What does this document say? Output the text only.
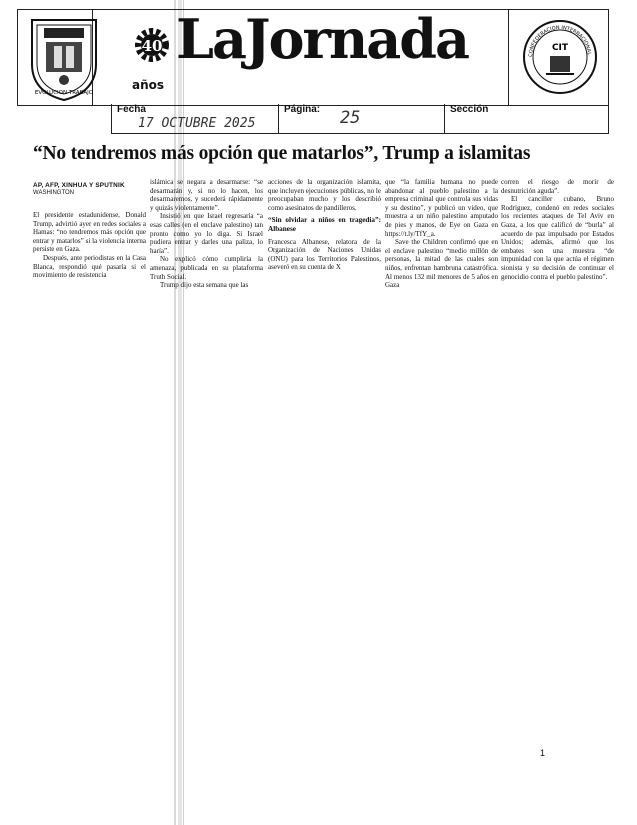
EVOLUCION TRABAJO
40 LaJornada
años
CONFEDERACION INTERNACIONAL
CIT
Fecha
17 OCTUBRE 2025
Página: 25	Sección
“No tendremos más opción que matarlos”, Trump a islamitas
AP, AFP, XINHUA Y SPUTNIK
WASHINGTON

El presidente estadunidense, Donald Trump, advirtió ayer en redes sociales a Hamas: “no tendremos más opción que entrar y matarlos” si la violencia interna persiste en Gaza.

Después, ante periodistas en la Casa Blanca, respondió qué pasaría si el movimiento de resistencia

islámica se negara a desarmarse: “se desarmarán y, si no lo hacen, los desarmaremos, y sucederá rápidamente y quizás violentamente”.

Insistió en que Israel regresaría “a esas calles (en el enclave palestino) tan pronto como yo lo diga. Si Israel pudiera entrar y darles una paliza, lo haría”.

No explicó cómo cumpliría la amenaza, publicada en su plataforma Truth Social.

Trump dijo esta semana que las

acciones de la organización islamita, que incluyen ejecuciones públicas, no le preocupaban mucho y los describió como asesinatos de pandilleros.

“Sin olvidar a niños en tragedia”: Albanese

Francesca Albanese, relatora de la Organización de Naciones Unidas (ONU) para los Territorios Palestinos, aseveró en su cuenta de X

que “la familia humana no puede abandonar al pueblo palestino a la empresa criminal que controla sus vidas y su destino”, y publicó un video, que muestra a un niño palestino amputado de pies y manos, de Eye on Gaza en https://t.ly/TfY_a.

Save the Children confirmó que en el enclave palestino “medio millón de personas, la mitad de las cuales son niños, enfrentan hambruna catastrófica. Al menos 132 mil menores de 5 años en Gaza

corren el riesgo de morir de desnutrición aguda”.

El canciller cubano, Bruno Rodríguez, condenó en redes sociales los recientes ataques de Tel Aviv en Gaza, a los que calificó de “burla” al acuerdo de paz impulsado por Estados Unidos; además, afirmó que los embates son una muestra “de impunidad con la que actúa el régimen sionista y su decisión de continuar el genocidio contra el pueblo palestino”.

1
